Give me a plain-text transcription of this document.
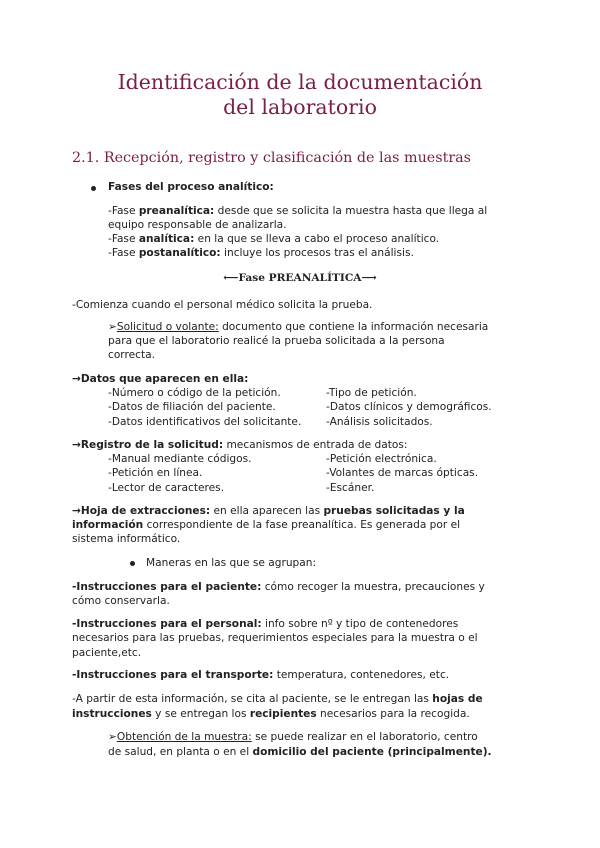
Identificación de la documentación
del laboratorio
2.1. Recepción, registro y clasificación de las muestras
Fases del proceso analítico:
-Fase preanalítica: desde que se solicita la muestra hasta que llega al
equipo responsable de analizarla.
-Fase analítica: en la que se lleva a cabo el proceso analítico.
-Fase postanalítico: incluye los procesos tras el análisis.
⟵Fase PREANALÍTICA⟶
-Comienza cuando el personal médico solicita la prueba.
➢Solicitud o volante: documento que contiene la información necesaria
para que el laboratorio realicé la prueba solicitada a la persona
correcta.
→Datos que aparecen en ella:
-Número o código de la petición.
-Datos de filiación del paciente.
-Datos identificativos del solicitante.
-Tipo de petición.
-Datos clínicos y demográficos.
-Análisis solicitados.
→Registro de la solicitud: mecanismos de entrada de datos:
-Manual mediante códigos.
-Petición en línea.
-Lector de caracteres.
-Petición electrónica.
-Volantes de marcas ópticas.
-Escáner.
→Hoja de extracciones: en ella aparecen las pruebas solicitadas y la
información correspondiente de la fase preanalítica. Es generada por el
sistema informático.
Maneras en las que se agrupan:
-Instrucciones para el paciente: cómo recoger la muestra, precauciones y
cómo conservarla.
-Instrucciones para el personal: info sobre nº y tipo de contenedores
necesarios para las pruebas, requerimientos especiales para la muestra o el
paciente,etc.
-Instrucciones para el transporte: temperatura, contenedores, etc.
-A partir de esta información, se cita al paciente, se le entregan las hojas de
instrucciones y se entregan los recipientes necesarios para la recogida.
➢Obtención de la muestra: se puede realizar en el laboratorio, centro
de salud, en planta o en el domicilio del paciente (principalmente).
